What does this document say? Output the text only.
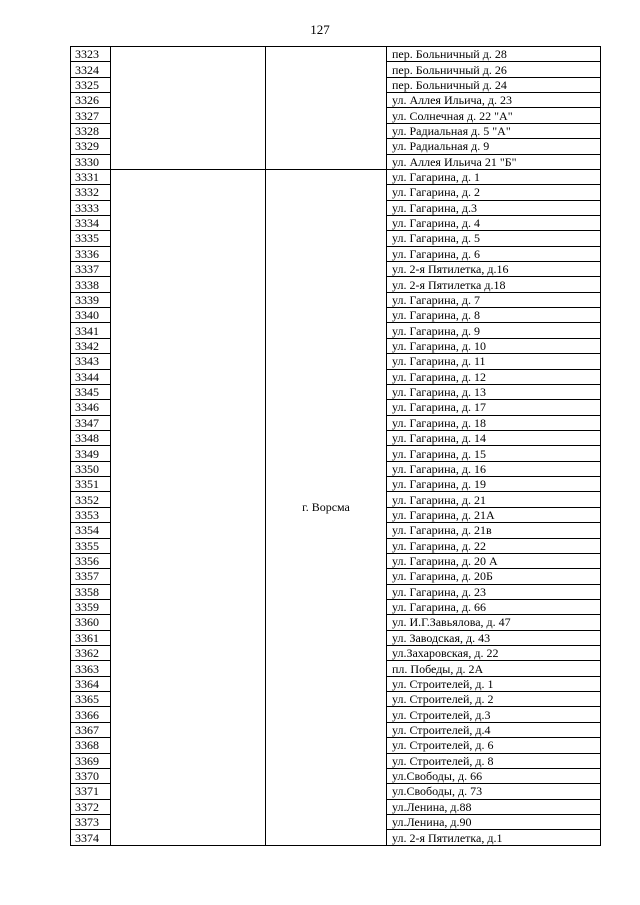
127
3323			пер. Больничный д. 28
3324			пер. Больничный д. 26
3325			пер. Больничный д. 24
3326			ул. Аллея Ильича, д. 23
3327			ул. Солнечная д. 22 "А"
3328			ул. Радиальная д. 5 "А"
3329			ул. Радиальная д. 9
3330			ул. Аллея Ильича 21 "Б"
3331		г. Ворсма	ул. Гагарина, д. 1
3332			ул. Гагарина, д. 2
3333			ул. Гагарина, д.3
3334			ул. Гагарина, д. 4
3335			ул. Гагарина, д. 5
3336			ул. Гагарина, д. 6
3337			ул. 2-я Пятилетка, д.16
3338			ул. 2-я Пятилетка д.18
3339			ул. Гагарина, д. 7
3340			ул. Гагарина, д. 8
3341			ул. Гагарина, д. 9
3342			ул. Гагарина, д. 10
3343			ул. Гагарина, д. 11
3344			ул. Гагарина, д. 12
3345			ул. Гагарина, д. 13
3346			ул. Гагарина, д. 17
3347			ул. Гагарина, д. 18
3348			ул. Гагарина, д. 14
3349			ул. Гагарина, д. 15
3350			ул. Гагарина, д. 16
3351			ул. Гагарина, д. 19
3352			ул. Гагарина, д. 21
3353			ул. Гагарина, д. 21А
3354			ул. Гагарина, д. 21в
3355			ул. Гагарина, д. 22
3356			ул. Гагарина, д. 20 А
3357			ул. Гагарина, д. 20Б
3358			ул. Гагарина, д. 23
3359			ул. Гагарина, д. 66
3360			ул. И.Г.Завьялова, д. 47
3361			ул. Заводская, д. 43
3362			ул.Захаровская, д. 22
3363			пл. Победы, д. 2А
3364			ул. Строителей, д. 1
3365			ул. Строителей, д. 2
3366			ул. Строителей, д.3
3367			ул. Строителей, д.4
3368			ул. Строителей, д. 6
3369			ул. Строителей, д. 8
3370			ул.Свободы, д. 66
3371			ул.Свободы, д. 73
3372			ул.Ленина, д.88
3373			ул.Ленина, д.90
3374			ул. 2-я Пятилетка, д.1
